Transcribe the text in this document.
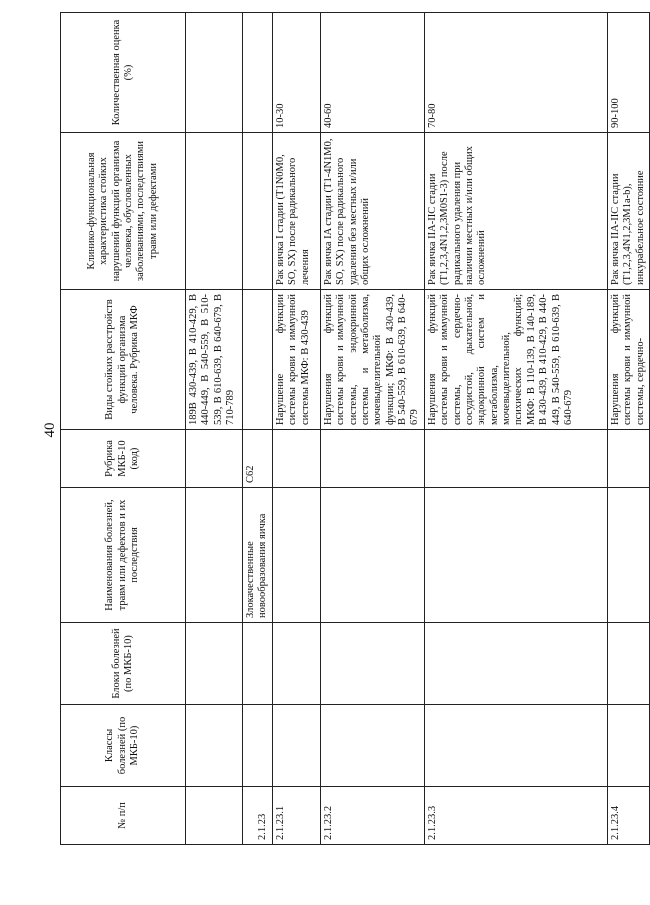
40
№ п/п	Классы болезней (по МКБ-10)	Блоки болезней (по МКБ-10)	Наименования болезней, травм или дефектов и их последствия	Рубрика МКБ-10 (код)	Виды стойких расстройств функций организма человека. Рубрика МКФ	Клинико-функциональная характеристика стойких нарушений функций организма человека, обусловленных заболеваниями, последствиями травм или дефектами	Количественная оценка (%)
					189В 430-439, В 410-429, В 440-449, В 540-559, В 510-539, В 610-639, В 640-679, В 710-789		
2.1.23			Злокачественные новообразования яичка	С62			
2.1.23.1					Нарушение функции системы крови и иммунной системы МКФ: В 430-439	Рак яичка I стадии (T1N0M0, SO, SX) после радикального лечения	10-30
2.1.23.2					Нарушения функций системы крови и иммунной системы, эндокринной системы и метаболизма, мочевыделительной функции; МКФ: В 430-439, В 540-559, В 610-639, В 640-679	Рак яичка IA стадии (T1-4N1M0, SO, SX) после радикального удаления без местных и/или общих осложнений	40-60
2.1.23.3					Нарушения функций системы крови и иммунной системы, сердечно-сосудистой, дыхательной, эндокринной систем и метаболизма, мочевыделительной, психических функций; МКФ: В 110-139, В 140-189, В 430-439, В 410-429, В 440-449, В 540-559, В 610-639, В 640-679	Рак яичка IIA-IIC стадии (T1,2,3,4N1,2,3M0S1-3) после радикального удаления при наличии местных и/или общих осложнений	70-80
2.1.23.4					Нарушения функций системы крови и иммунной системы, сердечно-	Рак яичка IIA-IIC стадии (T1,2,3,4N1,2,3M1a-b), инкурабельное состояние	90-100
